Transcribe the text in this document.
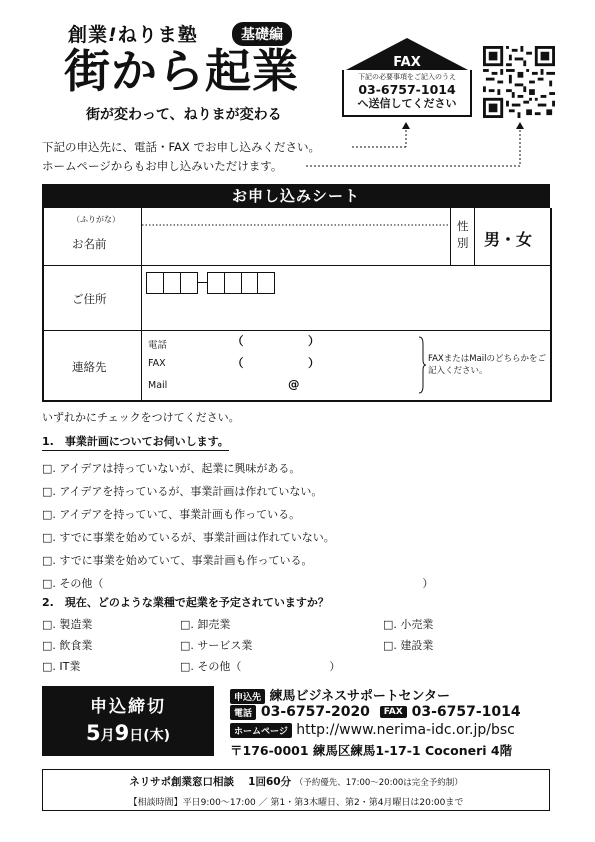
創業!ねりま塾	基礎編
街から起業
街が変わって、ねりまが変わる
FAX
下記の必要事項をご記入のうえ
03-6757-1014
へ送信してください
下記の申込先に、電話・FAX でお申し込みください。
ホームページからもお申し込みいただけます。
お申し込みシート
（ふりがな）
お名前
性別 男・女
ご住所
連絡先
電話	（	）
FAX	（	）
Mail	@
FAXまたはMailのどちらかをご記入ください。
いずれかにチェックをつけてください。
1.　事業計画についてお伺いします。
□. アイデアは持っていないが、起業に興味がある。
□. アイデアを持っているが、事業計画は作れていない。
□. アイデアを持っていて、事業計画も作っている。
□. すでに事業を始めているが、事業計画は作れていない。
□. すでに事業を始めていて、事業計画も作っている。
□. その他（　　　　　　　　　　　　　　　　　　　　　　　　　　　　　）
2.　現在、どのような業種で起業を予定されていますか？
□. 製造業	□. 卸売業	□. 小売業
□. 飲食業	□. サービス業	□. 建設業
□. IT業	□. その他（　　　　　　　　）
申込締切
5月9日(木)
申込先 練馬ビジネスサポートセンター
電話 03-6757-2020 FAX 03-6757-1014
ホームページ http://www.nerima-idc.or.jp/bsc
〒176-0001 練馬区練馬1-17-1 Coconeri 4階
ネリサポ創業窓口相談　 1回60分 （予約優先、17:00～20:00は完全予約制）
【相談時間】平日9:00～17:00 ／ 第1・第3木曜日、第2・第4月曜日は20:00まで
